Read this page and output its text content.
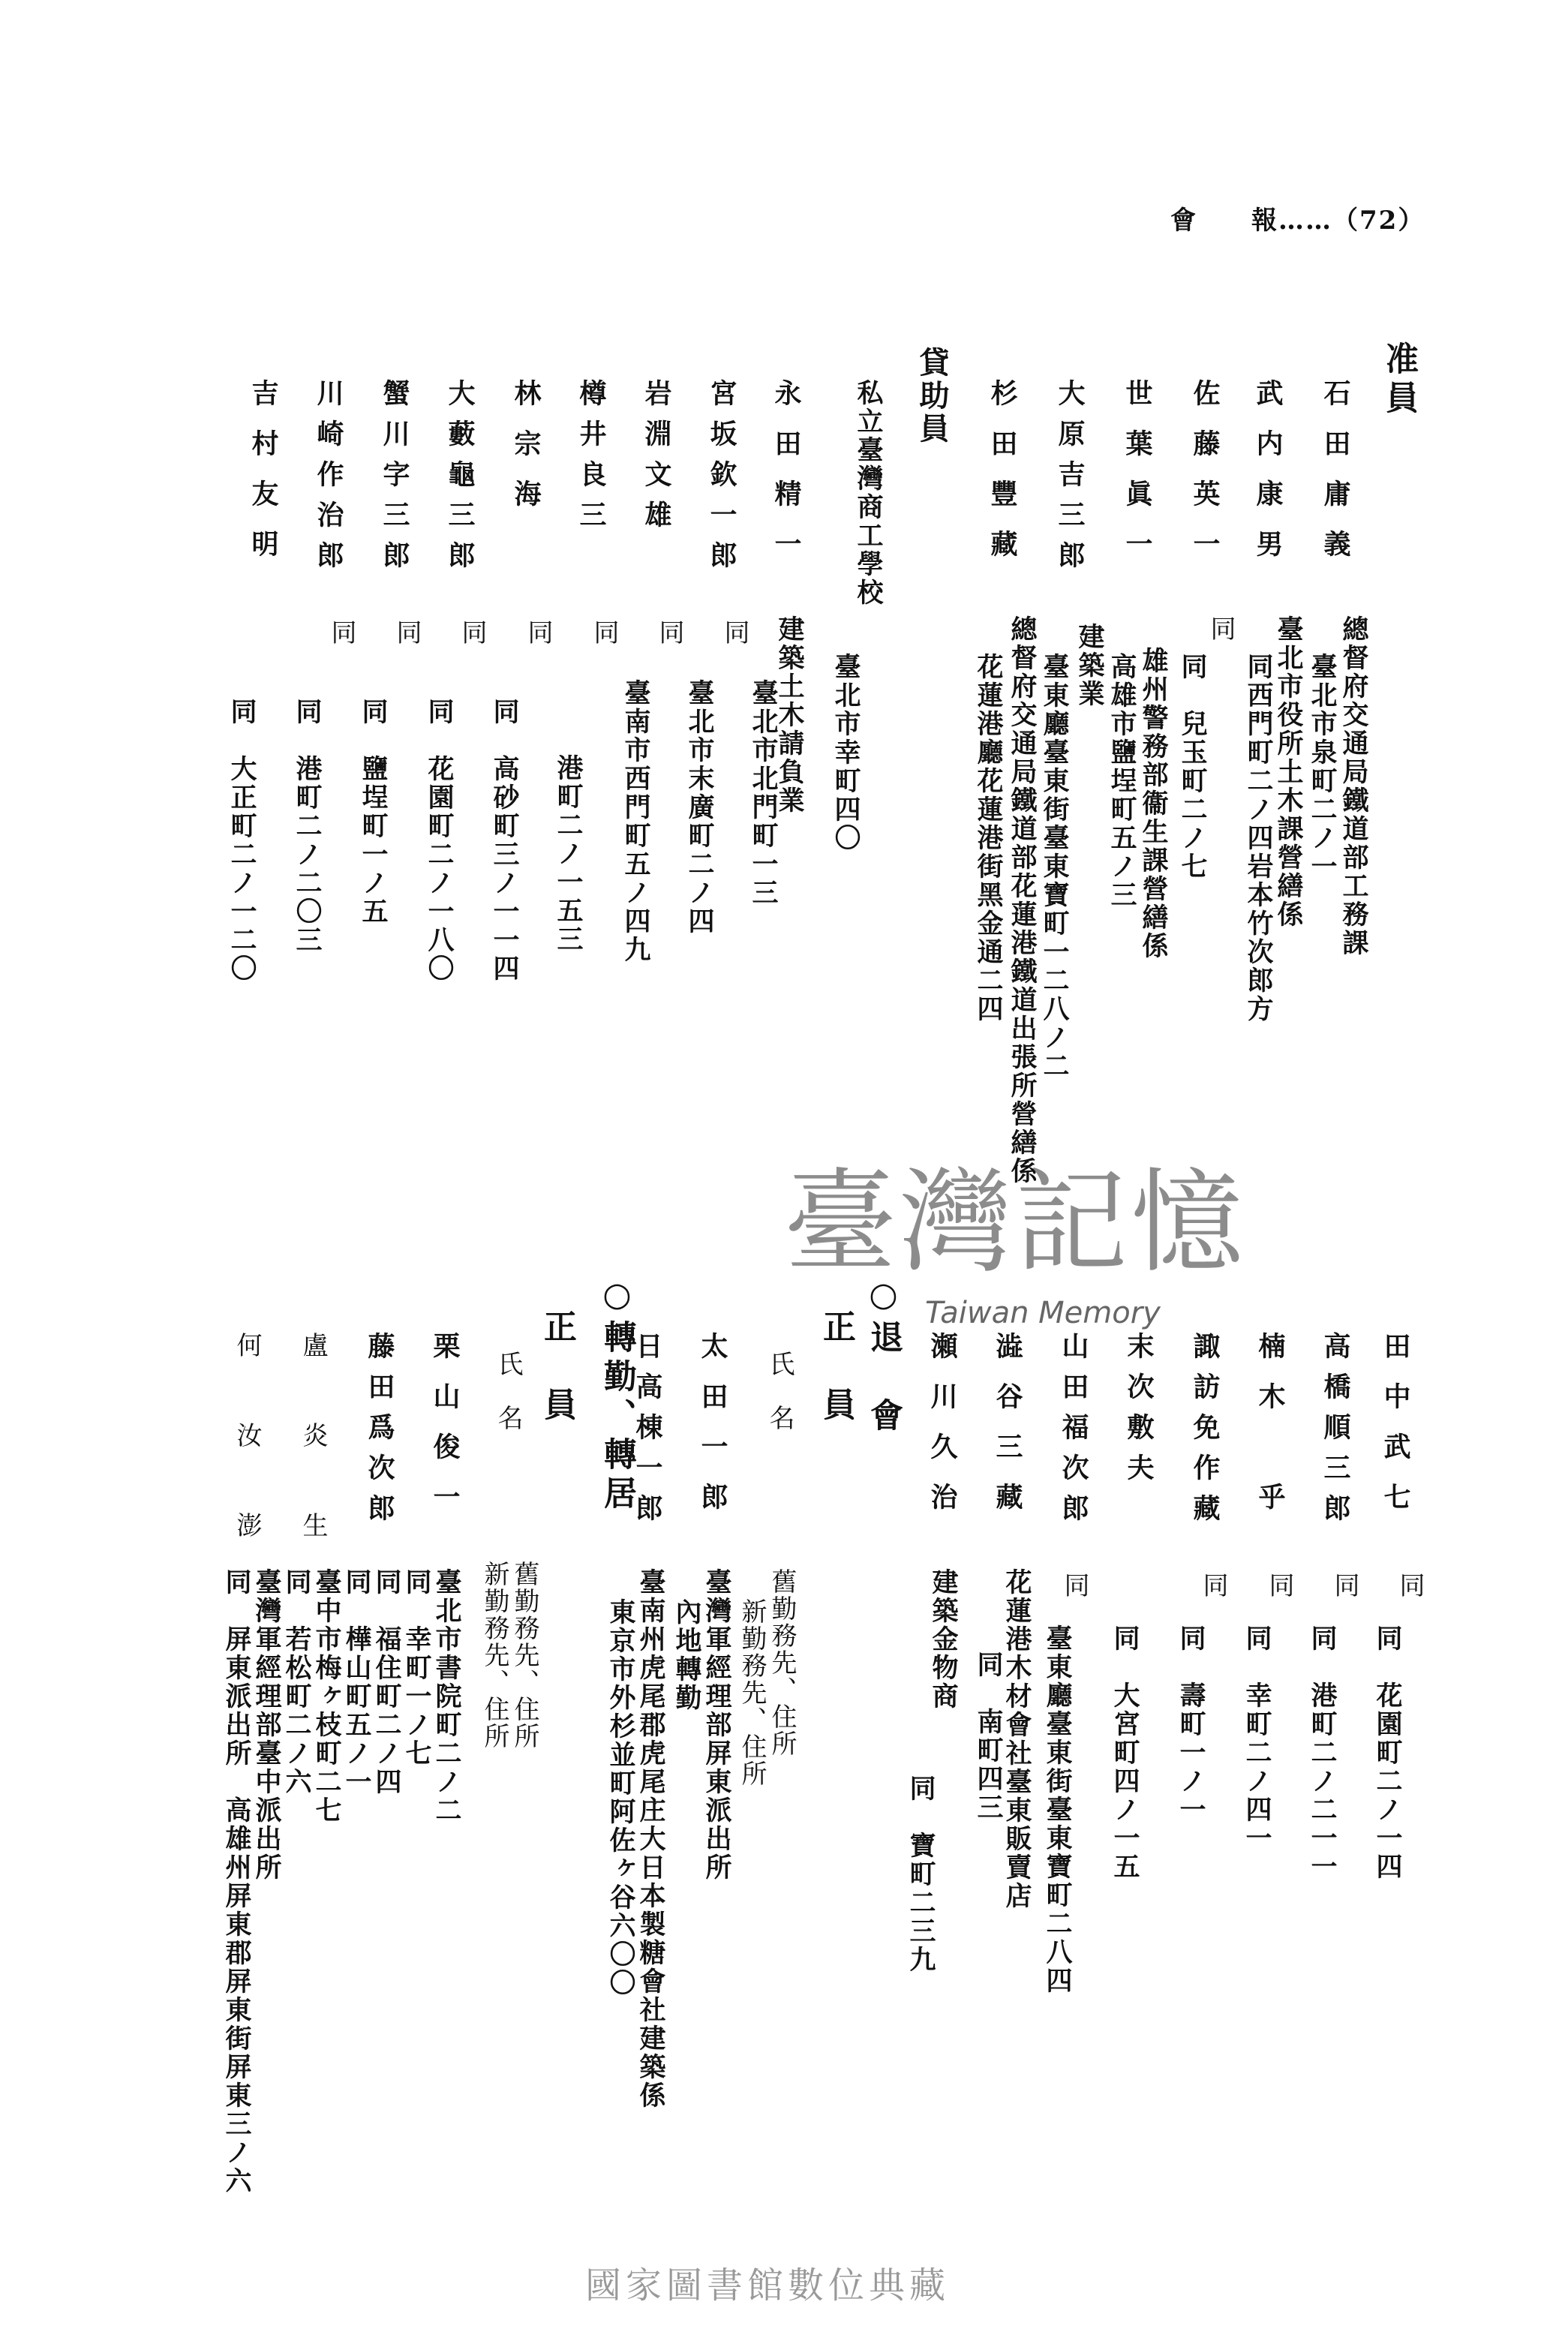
會　　報……（72）
准員
石田庸義
武内康男
佐藤英一
世葉眞一
大原吉三郎
杉田豐藏
貸助員
私立臺灣商工學校
永田精一
宮坂欽一郎
岩淵文雄
樽井良三
林宗海
大藪龜三郎
蟹川字三郎
川崎作治郎
吉村友明
總督府交通局鐵道部工務課
臺北市役所土木課營繕係
同
雄州警務部衞生課營繕係
建築業
總督府交通局鐵道部花蓮港鐵道出張所營繕係
建築土木請負業
同
同
同
同
同
同
同
臺北市泉町二ノ一
同西門町二ノ四岩本竹次郎方
同　兒玉町二ノ七
高雄市鹽埕町五ノ三
臺東廳臺東街臺東寶町一二八ノ二
花蓮港廳花蓮港街黑金通二四
臺北市幸町四〇
臺北市北門町一三
臺北市末廣町二ノ四
臺南市西門町五ノ四九
港町二ノ一五三
同　高砂町三ノ一一四
同　花園町二ノ一八〇
同　鹽埕町一ノ五
同　港町二ノ二〇三
同　大正町二ノ一二〇
臺灣記憶
Taiwan Memory
田中武七
高橋順三郎
楠木　乎
諏訪免作藏
末次敷夫
山田福次郎
澁谷三藏
瀬川久治
同
同
同
同
同
花蓮港木材會社臺東販賣店
建築金物商	同　花園町二ノ一四
同　港町二ノ二一一
同　幸町二ノ四一
同　壽町一ノ一
同　大宮町四ノ一五
臺東廳臺東街臺東寶町二八四
同　南町四三
同　寶町二三九
○退　會
正　員
氏　名
太田一郎
日高棟一郎
舊勤務先、住所
新勤務先、住所
臺灣軍經理部屏東派出所
內地轉勤
臺南州虎尾郡虎尾庄大日本製糖會社建築係
東京市外杉並町阿佐ヶ谷六〇〇
○轉勤、轉居
正　員
氏　名
栗山俊一
藤田爲次郎
盧　炎　生
何　汝　澎
舊勤務先、住所
新勤務先、住所
臺北市書院町二ノ二
同　幸町一ノ七
同　福住町二ノ四
同　樺山町五ノ一
臺中市梅ヶ枝町二七
同　若松町二ノ六
臺灣軍經理部臺中派出所
同　屏東派出所　高雄州屏東郡屏東街屏東三ノ六
國家圖書館數位典藏
